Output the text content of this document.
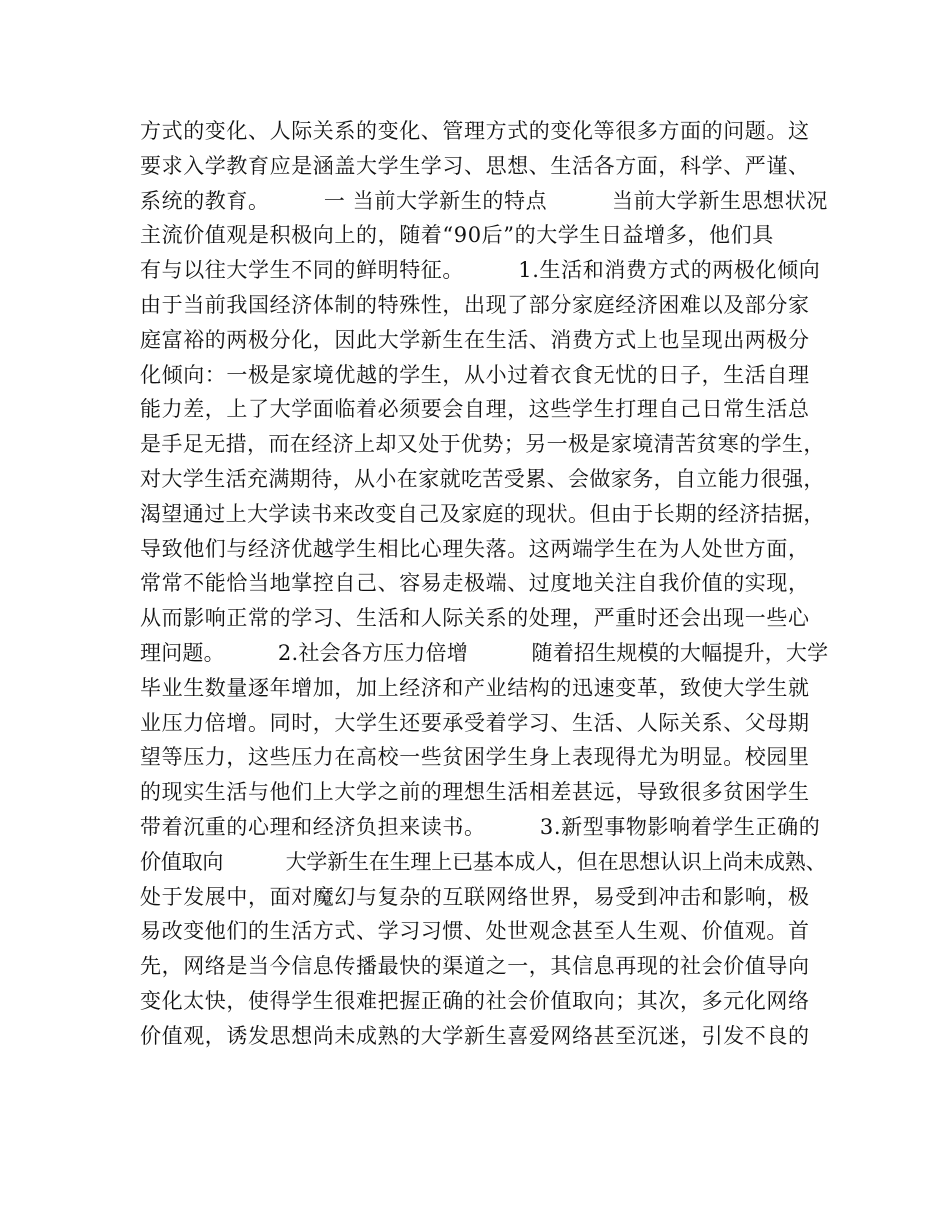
方式的变化、人际关系的变化、管理方式的变化等很多方面的问题。这
要求入学教育应是涵盖大学生学习、思想、生活各方面，科学、严谨、
系统的教育。　　　一 当前大学新生的特点　　　当前大学新生思想状况
主流价值观是积极向上的，随着“90后”的大学生日益增多，他们具
有与以往大学生不同的鲜明特征。　　　1.生活和消费方式的两极化倾向
由于当前我国经济体制的特殊性，出现了部分家庭经济困难以及部分家
庭富裕的两极分化，因此大学新生在生活、消费方式上也呈现出两极分
化倾向：一极是家境优越的学生，从小过着衣食无忧的日子，生活自理
能力差，上了大学面临着必须要会自理，这些学生打理自己日常生活总
是手足无措，而在经济上却又处于优势；另一极是家境清苦贫寒的学生，
对大学生活充满期待，从小在家就吃苦受累、会做家务，自立能力很强，
渴望通过上大学读书来改变自己及家庭的现状。但由于长期的经济拮据，
导致他们与经济优越学生相比心理失落。这两端学生在为人处世方面，
常常不能恰当地掌控自己、容易走极端、过度地关注自我价值的实现，
从而影响正常的学习、生活和人际关系的处理，严重时还会出现一些心
理问题。　　　2.社会各方压力倍增　　　随着招生规模的大幅提升，大学
毕业生数量逐年增加，加上经济和产业结构的迅速变革，致使大学生就
业压力倍增。同时，大学生还要承受着学习、生活、人际关系、父母期
望等压力，这些压力在高校一些贫困学生身上表现得尤为明显。校园里
的现实生活与他们上大学之前的理想生活相差甚远，导致很多贫困学生
带着沉重的心理和经济负担来读书。　　　3.新型事物影响着学生正确的
价值取向　　　大学新生在生理上已基本成人，但在思想认识上尚未成熟、
处于发展中，面对魔幻与复杂的互联网络世界，易受到冲击和影响，极
易改变他们的生活方式、学习习惯、处世观念甚至人生观、价值观。首
先，网络是当今信息传播最快的渠道之一，其信息再现的社会价值导向
变化太快，使得学生很难把握正确的社会价值取向；其次，多元化网络
价值观，诱发思想尚未成熟的大学新生喜爱网络甚至沉迷，引发不良的
